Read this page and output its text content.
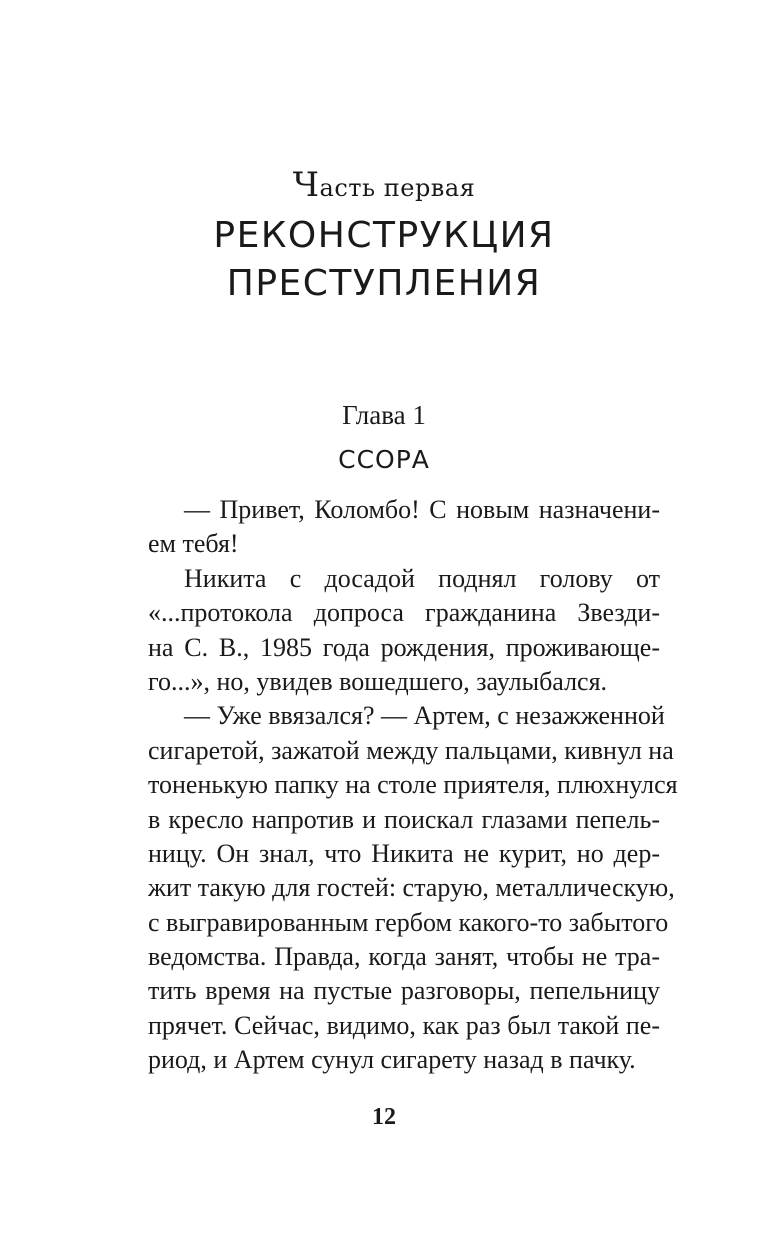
Часть первая
РЕКОНСТРУКЦИЯ
ПРЕСТУПЛЕНИЯ
Глава 1
ССОРА
— Привет, Коломбо! С новым назначени-
ем тебя!
Никита с досадой поднял голову от
«...протокола допроса гражданина Звезди-
на С. В., 1985 года рождения, проживающе-
го...», но, увидев вошедшего, заулыбался.
— Уже ввязался? — Артем, с незажженной
сигаретой, зажатой между пальцами, кивнул на
тоненькую папку на столе приятеля, плюхнулся
в кресло напротив и поискал глазами пепель-
ницу. Он знал, что Никита не курит, но дер-
жит такую для гостей: старую, металлическую,
с выгравированным гербом какого-то забытого
ведомства. Правда, когда занят, чтобы не тра-
тить время на пустые разговоры, пепельницу
прячет. Сейчас, видимо, как раз был такой пе-
риод, и Артем сунул сигарету назад в пачку.
12
